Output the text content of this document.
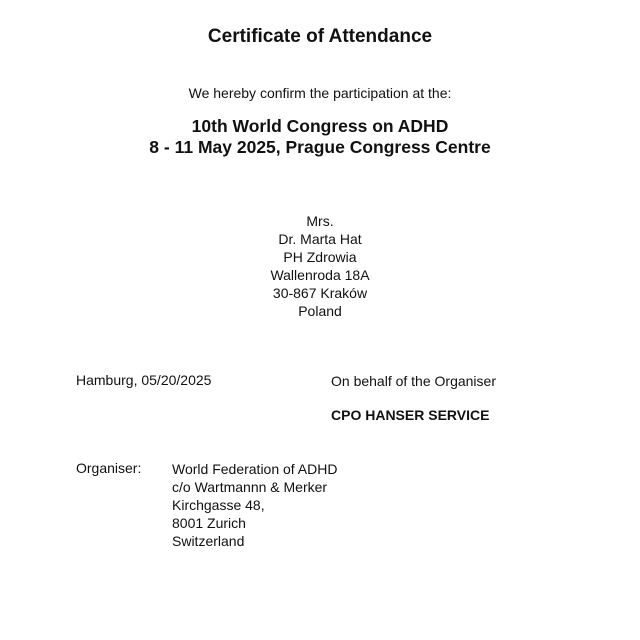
Certificate of Attendance
We hereby confirm the participation at the:
10th World Congress on ADHD
8 - 11 May 2025, Prague Congress Centre
Mrs.
Dr. Marta Hat
PH Zdrowia
Wallenroda 18A
30-867 Kraków
Poland
Hamburg, 05/20/2025	On behalf of the Organiser
CPO HANSER SERVICE
Organiser: World Federation of ADHD
c/o Wartmannn & Merker
Kirchgasse 48,
8001 Zurich
Switzerland
